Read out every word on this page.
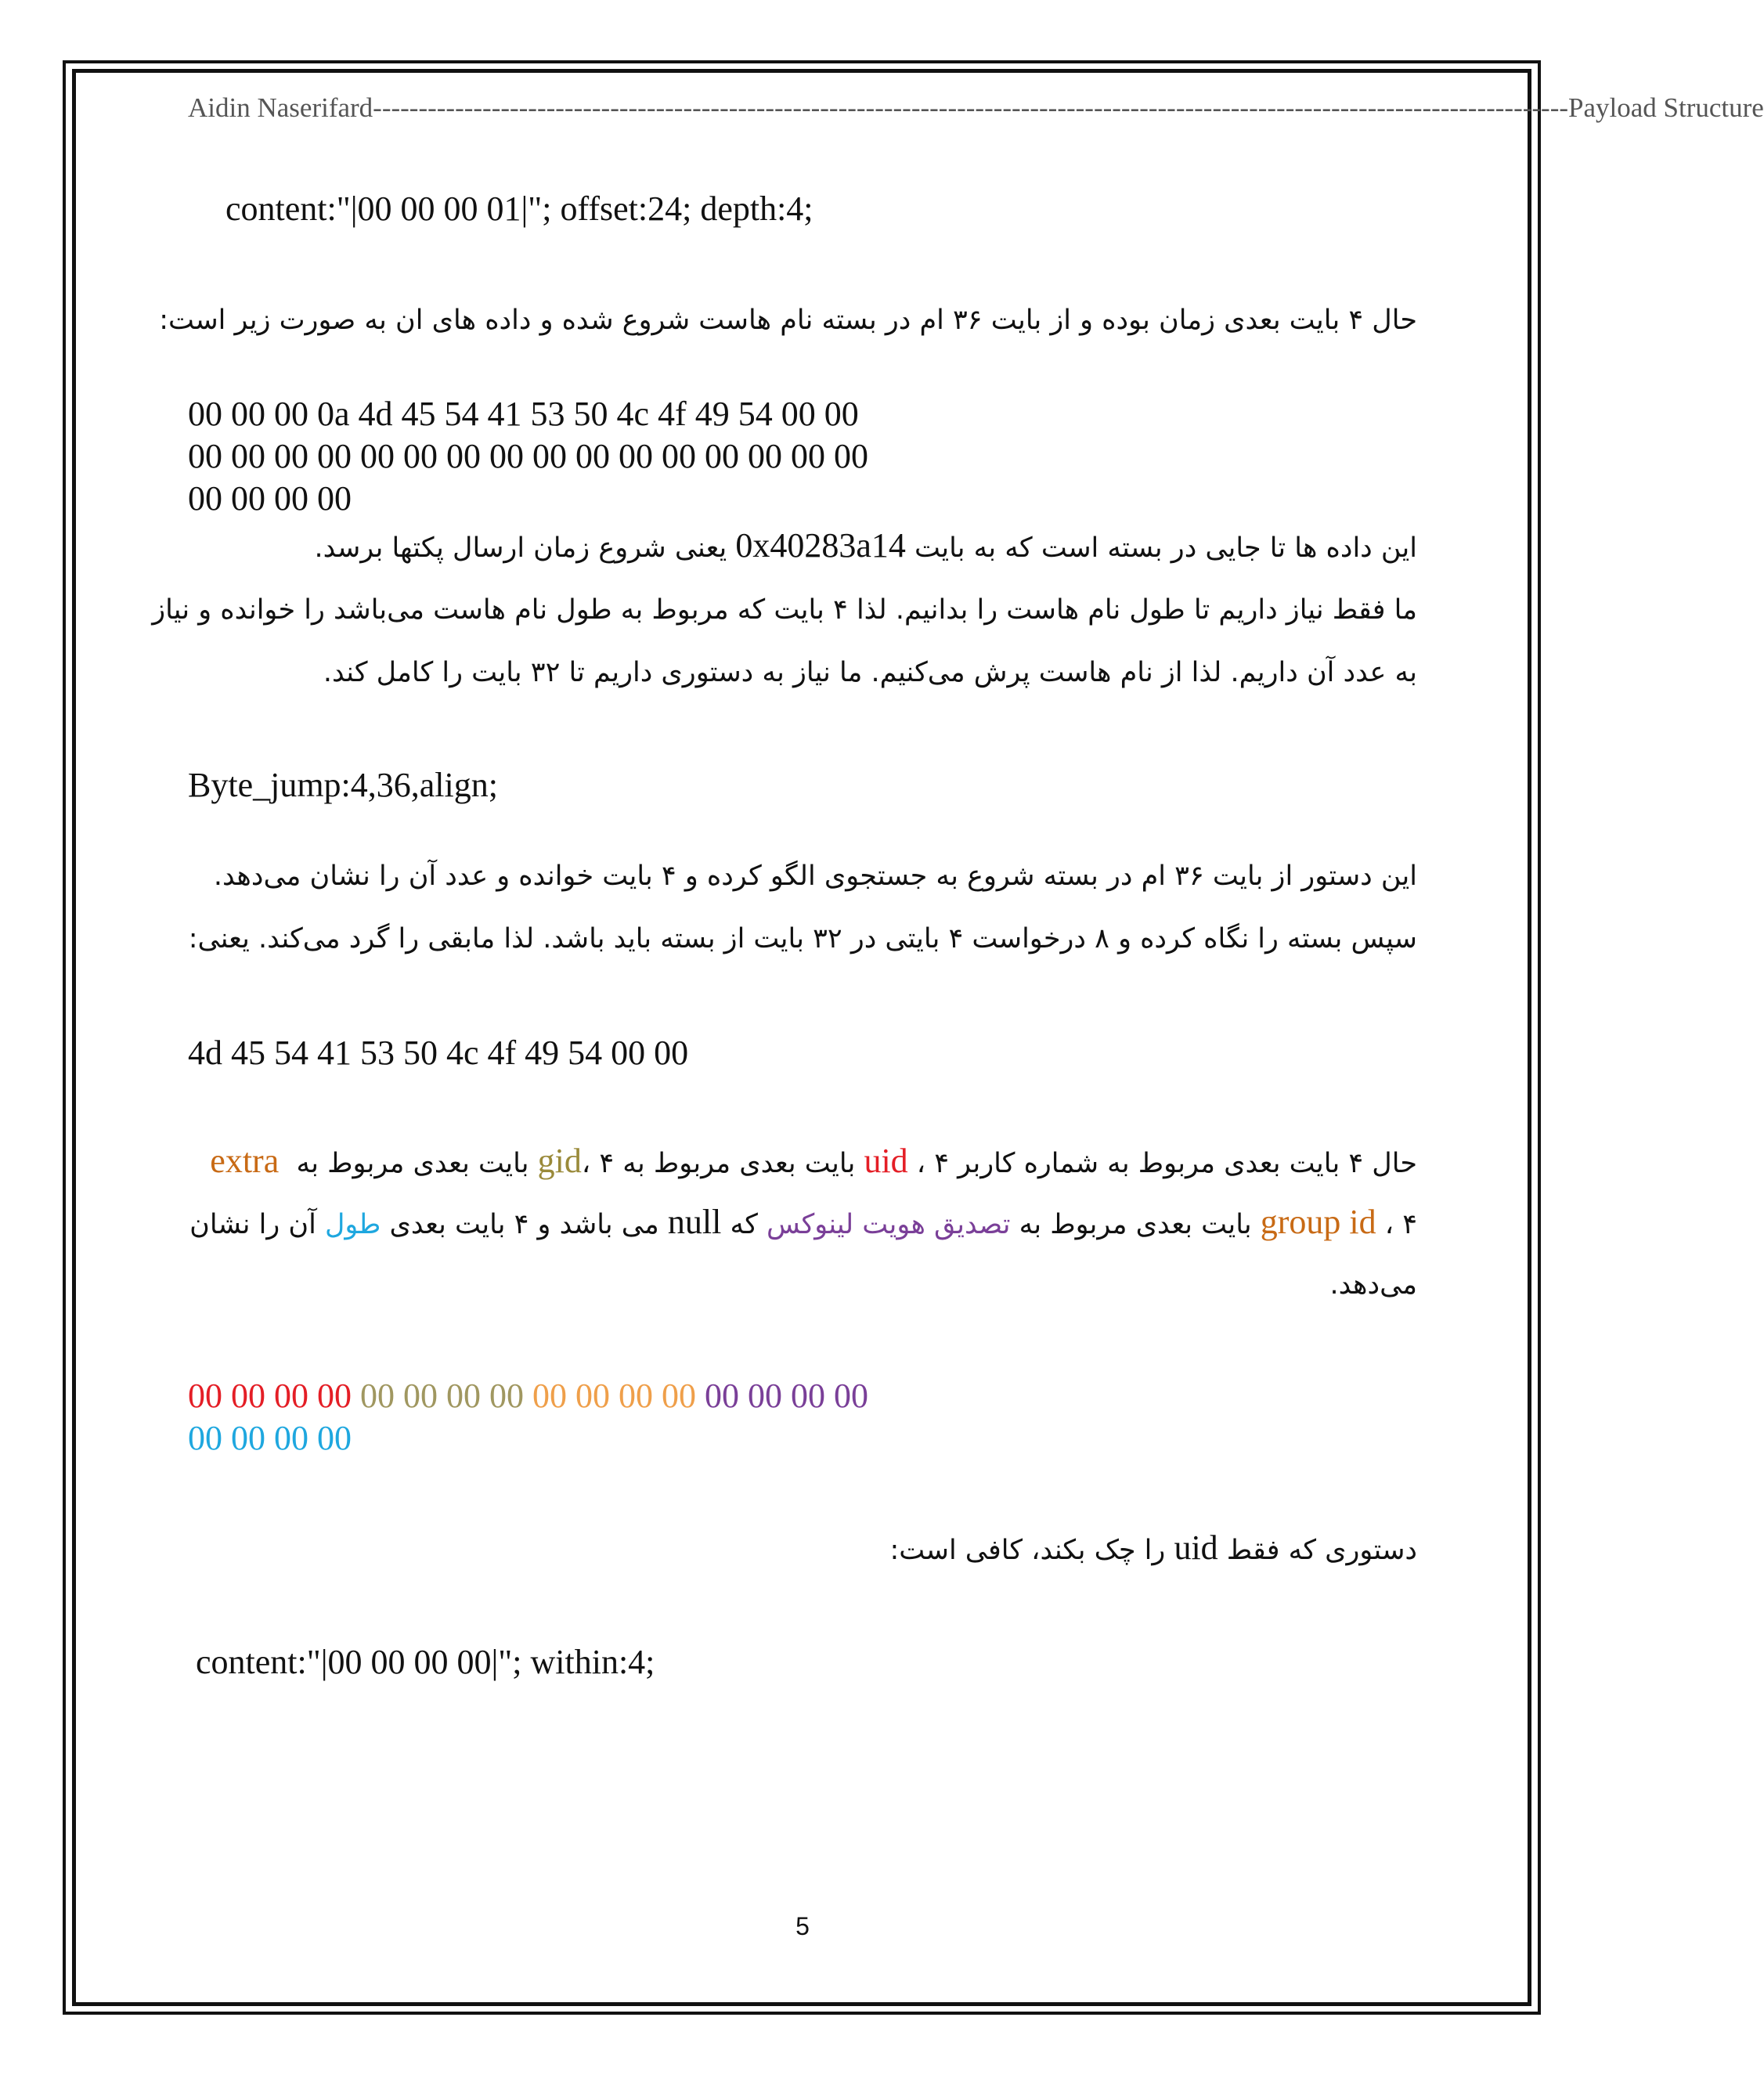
Aidin Naserifard ----------------------------------------------------------------------------------------------------------------------------------- Payload Structure
content:"|00 00 00 01|"; offset:24; depth:4;
حال ۴ بایت بعدی زمان بوده و از بایت ۳۶ ام در بسته نام هاست شروع شده و داده های ان به صورت زیر است:
00 00 00 0a 4d 45 54 41 53 50 4c 4f 49 54 00 00
00 00 00 00 00 00 00 00 00 00 00 00 00 00 00 00
00 00 00 00
این داده ها تا جایی در بسته است که به بایت 0x40283a14 یعنی شروع زمان ارسال پکتها برسد.
ما فقط نیاز داریم تا طول نام هاست را بدانیم. لذا ۴ بایت که مربوط به طول نام هاست می‌باشد را خوانده و نیاز
به عدد آن داریم. لذا از نام هاست پرش می‌کنیم. ما نیاز به دستوری داریم تا ۳۲ بایت را کامل کند.
Byte_jump:4,36,align;
این دستور از بایت ۳۶ ام در بسته شروع به جستجوی الگو کرده و ۴ بایت خوانده و عدد آن را نشان می‌دهد.
سپس بسته را نگاه کرده و ۸ درخواست ۴ بایتی در ۳۲ بایت از بسته باید باشد. لذا مابقی را گرد می‌کند. یعنی:
4d 45 54 41 53 50 4c 4f 49 54 00 00
حال ۴ بایت بعدی مربوط به شماره کاربر uid ، ۴ بایت بعدی مربوط به gid، ۴ بایت بعدی مربوط به  extra
group id ، ۴ بایت بعدی مربوط به تصدیق هویت لینوکس که null می باشد و ۴ بایت بعدی طول آن را نشان
می‌دهد.
00 00 00 00 00 00 00 00 00 00 00 00 00 00 00 00
00 00 00 00
دستوری که فقط uid را چک بکند، کافی است:
content:"|00 00 00 00|"; within:4;
5
